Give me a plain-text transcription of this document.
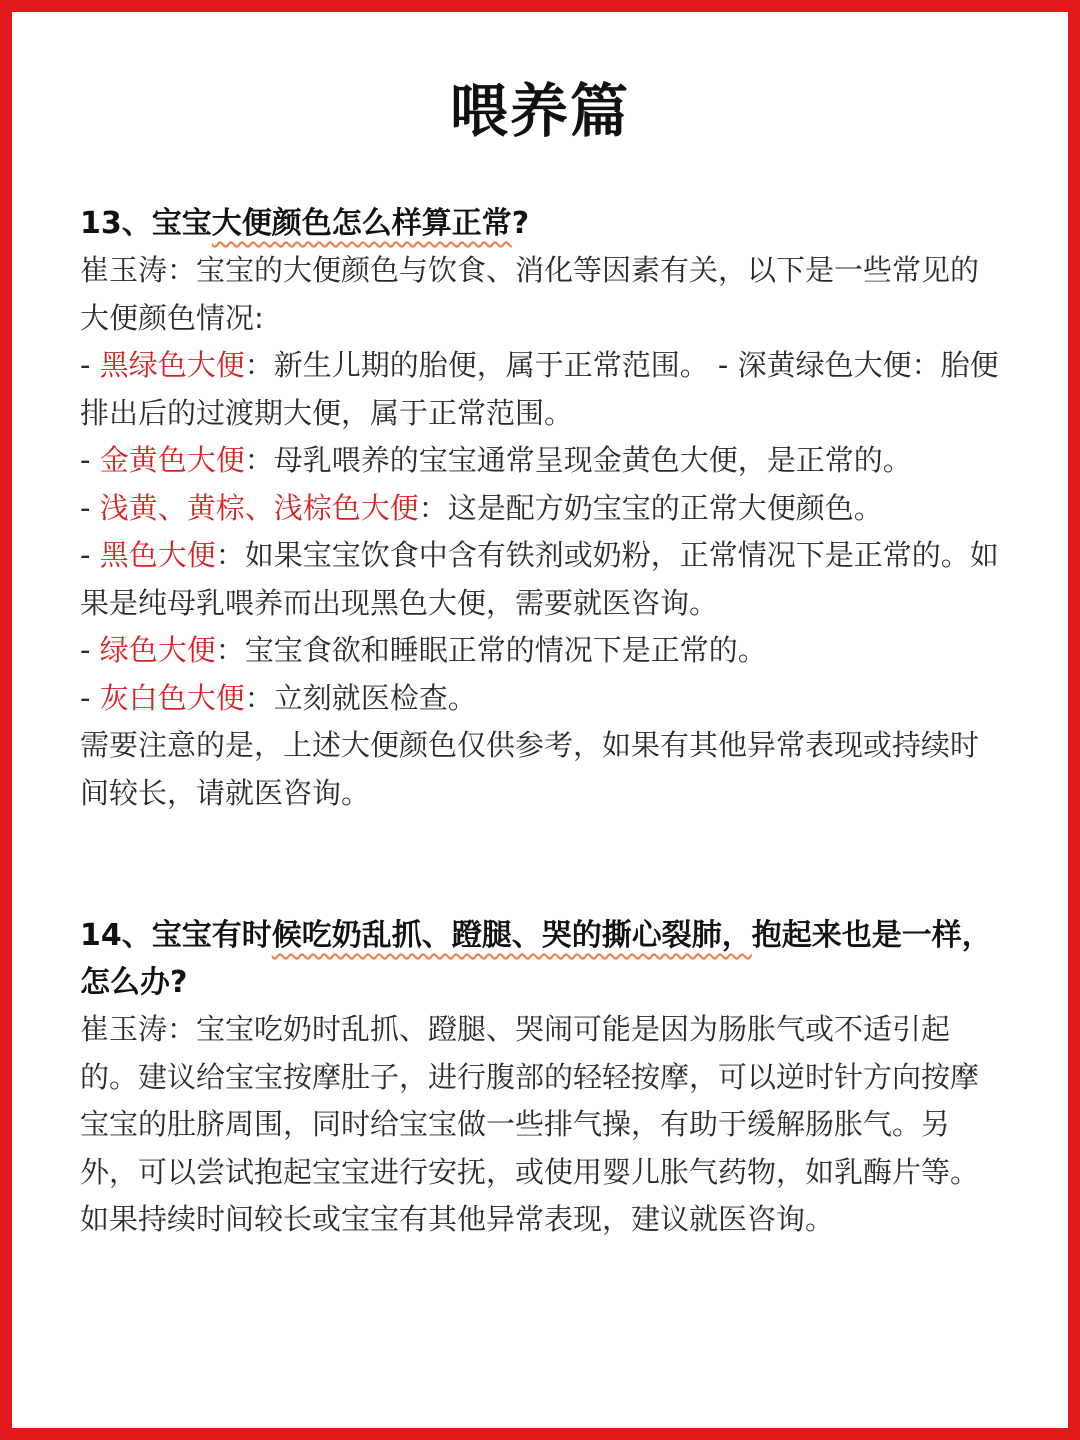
喂养篇

13、宝宝大便颜色怎么样算正常?

崔玉涛：宝宝的大便颜色与饮食、消化等因素有关，以下是一些常见的大便颜色情况:

- 黑绿色大便：新生儿期的胎便，属于正常范围。 - 深黄绿色大便：胎便排出后的过渡期大便，属于正常范围。

- 金黄色大便：母乳喂养的宝宝通常呈现金黄色大便，是正常的。

- 浅黄、黄棕、浅棕色大便：这是配方奶宝宝的正常大便颜色。

- 黑色大便：如果宝宝饮食中含有铁剂或奶粉，正常情况下是正常的。如果是纯母乳喂养而出现黑色大便，需要就医咨询。

- 绿色大便：宝宝食欲和睡眠正常的情况下是正常的。

- 灰白色大便：立刻就医检查。

需要注意的是，上述大便颜色仅供参考，如果有其他异常表现或持续时间较长，请就医咨询。

14、宝宝有时候吃奶乱抓、蹬腿、哭的撕心裂肺，抱起来也是一样，怎么办?

崔玉涛：宝宝吃奶时乱抓、蹬腿、哭闹可能是因为肠胀气或不适引起的。建议给宝宝按摩肚子，进行腹部的轻轻按摩，可以逆时针方向按摩宝宝的肚脐周围，同时给宝宝做一些排气操，有助于缓解肠胀气。另外，可以尝试抱起宝宝进行安抚，或使用婴儿胀气药物，如乳酶片等。如果持续时间较长或宝宝有其他异常表现，建议就医咨询。
